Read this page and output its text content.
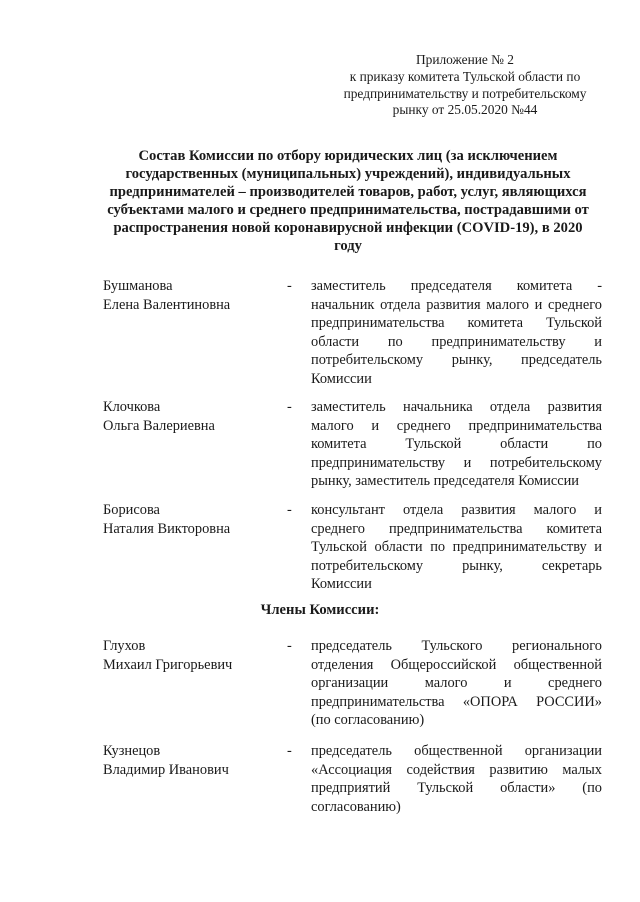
Приложение № 2
к приказу комитета Тульской области по
предпринимательству и потребительскому
рынку от 25.05.2020 №44
Состав Комиссии по отбору юридических лиц (за исключением
государственных (муниципальных) учреждений), индивидуальных
предпринимателей – производителей товаров, работ, услуг, являющихся
субъектами малого и среднего предпринимательства, пострадавшими от
распространения новой коронавирусной инфекции (COVID-19), в 2020
году
Бушманова
Елена Валентиновна
- заместитель председателя комитета -
начальник отдела развития малого и среднего
предпринимательства комитета Тульской
области по предпринимательству и
потребительскому рынку, председатель
Комиссии
Клочкова
Ольга Валериевна
- заместитель начальника отдела развития
малого и среднего предпринимательства
комитета Тульской области по
предпринимательству и потребительскому
рынку, заместитель председателя Комиссии
Борисова
Наталия Викторовна
- консультант отдела развития малого и
среднего предпринимательства комитета
Тульской области по предпринимательству и
потребительскому рынку, секретарь
Комиссии
Члены Комиссии:
Глухов
Михаил Григорьевич
- председатель Тульского регионального
отделения Общероссийской общественной
организации малого и среднего
предпринимательства «ОПОРА РОССИИ»
(по согласованию)
Кузнецов
Владимир Иванович
- председатель общественной организации
«Ассоциация содействия развитию малых
предприятий Тульской области» (по
согласованию)
